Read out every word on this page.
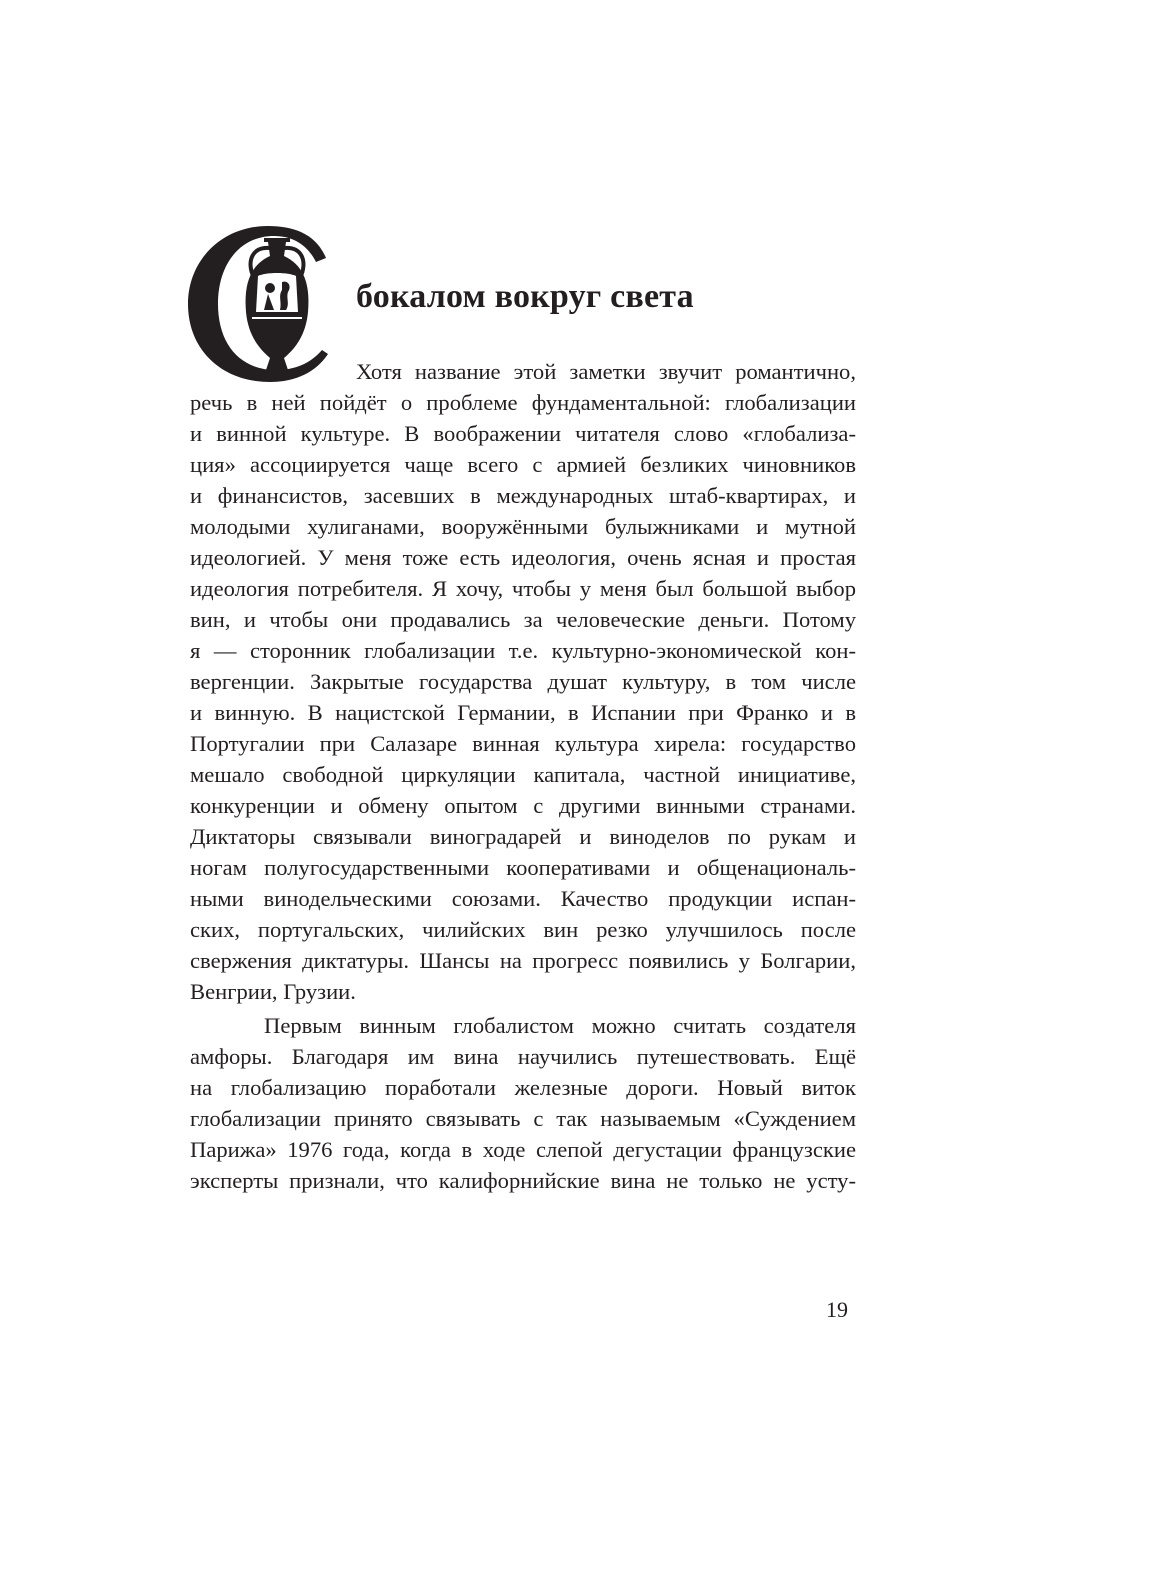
бокалом вокруг света
Хотя название этой заметки звучит романтично,
речь в ней пойдёт о проблеме фундаментальной: глобализации
и винной культуре. В воображении читателя слово «глобализа-
ция» ассоциируется чаще всего с армией безликих чиновников
и финансистов, засевших в международных штаб-квартирах, и
молодыми хулиганами, вооружёнными булыжниками и мутной
идеологией. У меня тоже есть идеология, очень ясная и простая
идеология потребителя. Я хочу, чтобы у меня был большой выбор
вин, и чтобы они продавались за человеческие деньги. Потому
я — сторонник глобализации т.е. культурно-экономической кон-
вергенции. Закрытые государства душат культуру, в том числе
и винную. В нацистской Германии, в Испании при Франко и в
Португалии при Салазаре винная культура хирела: государство
мешало свободной циркуляции капитала, частной инициативе,
конкуренции и обмену опытом с другими винными странами.
Диктаторы связывали виноградарей и виноделов по рукам и
ногам полугосударственными кооперативами и общенациональ-
ными винодельческими союзами. Качество продукции испан-
ских, португальских, чилийских вин резко улучшилось после
свержения диктатуры. Шансы на прогресс появились у Болгарии,
Венгрии, Грузии.
Первым винным глобалистом можно считать создателя
амфоры. Благодаря им вина научились путешествовать. Ещё
на глобализацию поработали железные дороги. Новый виток
глобализации принято связывать с так называемым «Суждением
Парижа» 1976 года, когда в ходе слепой дегустации французские
эксперты признали, что калифорнийские вина не только не усту-
19
